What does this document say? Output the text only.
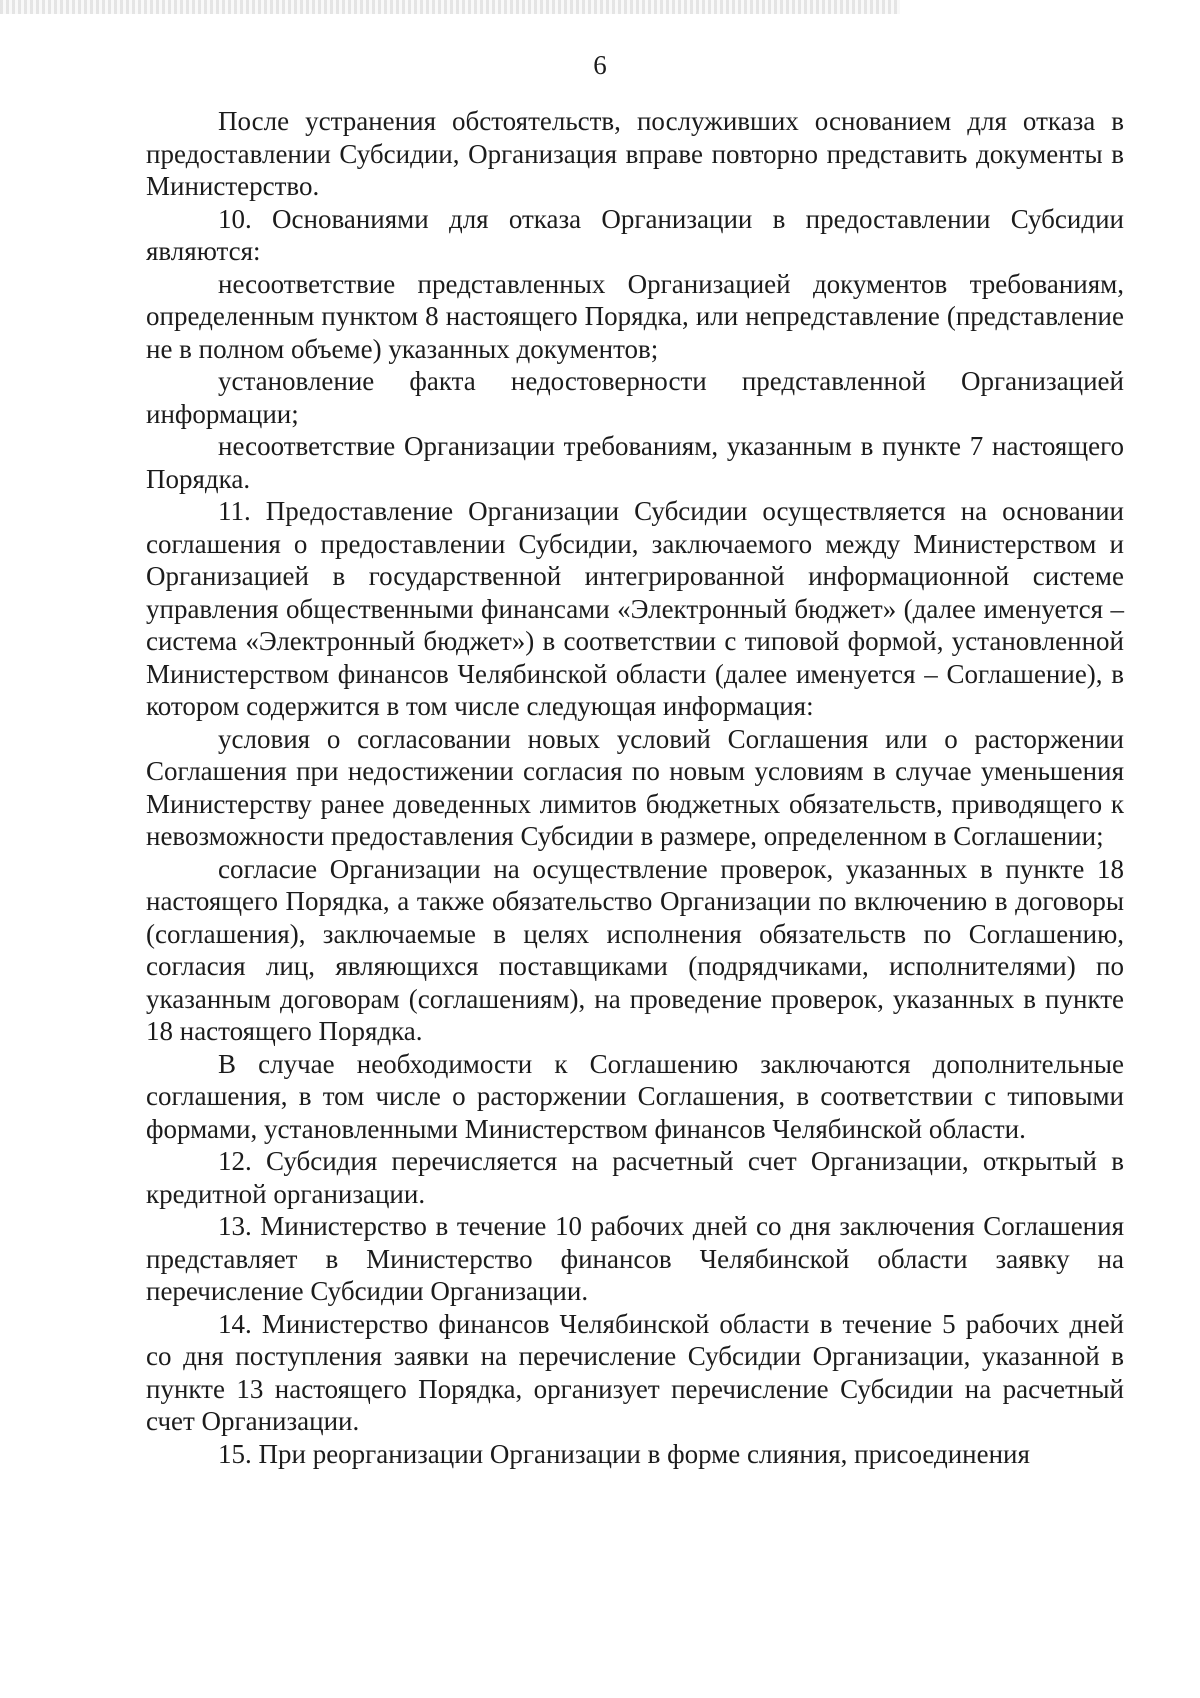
6

После устранения обстоятельств, послуживших основанием для отказа в предоставлении Субсидии, Организация вправе повторно представить документы в Министерство.

10. Основаниями для отказа Организации в предоставлении Субсидии являются:

несоответствие представленных Организацией документов требованиям, определенным пунктом 8 настоящего Порядка, или непредставление (представление не в полном объеме) указанных документов;

установление факта недостоверности представленной Организацией информации;

несоответствие Организации требованиям, указанным в пункте 7 настоящего Порядка.

11. Предоставление Организации Субсидии осуществляется на основании соглашения о предоставлении Субсидии, заключаемого между Министерством и Организацией в государственной интегрированной информационной системе управления общественными финансами «Электронный бюджет» (далее именуется – система «Электронный бюджет») в соответствии с типовой формой, установленной Министерством финансов Челябинской области (далее именуется – Соглашение), в котором содержится в том числе следующая информация:

условия о согласовании новых условий Соглашения или о расторжении Соглашения при недостижении согласия по новым условиям в случае уменьшения Министерству ранее доведенных лимитов бюджетных обязательств, приводящего к невозможности предоставления Субсидии в размере, определенном в Соглашении;

согласие Организации на осуществление проверок, указанных в пункте 18 настоящего Порядка, а также обязательство Организации по включению в договоры (соглашения), заключаемые в целях исполнения обязательств по Соглашению, согласия лиц, являющихся поставщиками (подрядчиками, исполнителями) по указанным договорам (соглашениям), на проведение проверок, указанных в пункте 18 настоящего Порядка.

В случае необходимости к Соглашению заключаются дополнительные соглашения, в том числе о расторжении Соглашения, в соответствии с типовыми формами, установленными Министерством финансов Челябинской области.

12. Субсидия перечисляется на расчетный счет Организации, открытый в кредитной организации.

13. Министерство в течение 10 рабочих дней со дня заключения Соглашения представляет в Министерство финансов Челябинской области заявку на перечисление Субсидии Организации.

14. Министерство финансов Челябинской области в течение 5 рабочих дней со дня поступления заявки на перечисление Субсидии Организации, указанной в пункте 13 настоящего Порядка, организует перечисление Субсидии на расчетный счет Организации.

15. При реорганизации Организации в форме слияния, присоединения
